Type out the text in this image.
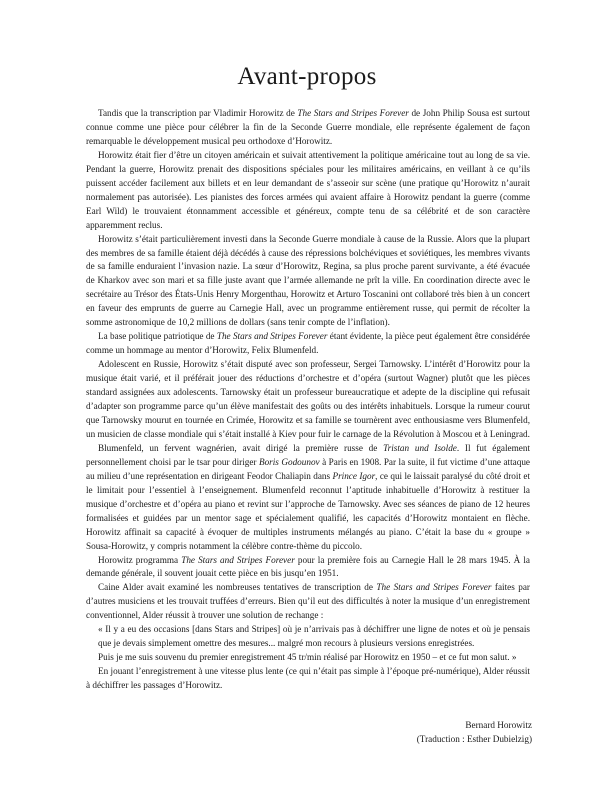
Avant-propos

Tandis que la transcription par Vladimir Horowitz de The Stars and Stripes Forever de John Philip Sousa est surtout connue comme une pièce pour célébrer la fin de la Seconde Guerre mondiale, elle représente également de façon remarquable le développement musical peu orthodoxe d’Horowitz.

Horowitz était fier d’être un citoyen américain et suivait attentivement la politique américaine tout au long de sa vie. Pendant la guerre, Horowitz prenait des dispositions spéciales pour les militaires américains, en veillant à ce qu’ils puissent accéder facilement aux billets et en leur demandant de s’asseoir sur scène (une pratique qu’Horowitz n’aurait normalement pas autorisée). Les pianistes des forces armées qui avaient affaire à Horowitz pendant la guerre (comme Earl Wild) le trouvaient étonnamment accessible et généreux, compte tenu de sa célébrité et de son caractère apparemment reclus.

Horowitz s’était particulièrement investi dans la Seconde Guerre mondiale à cause de la Russie. Alors que la plupart des membres de sa famille étaient déjà décédés à cause des répressions bolchéviques et soviétiques, les membres vivants de sa famille enduraient l’invasion nazie. La sœur d’Horowitz, Regina, sa plus proche parent survivante, a été évacuée de Kharkov avec son mari et sa fille juste avant que l’armée allemande ne prît la ville. En coordination directe avec le secrétaire au Trésor des États-Unis Henry Morgenthau, Horowitz et Arturo Toscanini ont collaboré très bien à un concert en faveur des emprunts de guerre au Carnegie Hall, avec un programme entièrement russe, qui permit de récolter la somme astronomique de 10,2 millions de dollars (sans tenir compte de l’inflation).

La base politique patriotique de The Stars and Stripes Forever étant évidente, la pièce peut également être considérée comme un hommage au mentor d’Horowitz, Felix Blumenfeld.

Adolescent en Russie, Horowitz s’était disputé avec son professeur, Sergei Tarnowsky. L’intérêt d’Horowitz pour la musique était varié, et il préférait jouer des réductions d’orchestre et d’opéra (surtout Wagner) plutôt que les pièces standard assignées aux adolescents. Tarnowsky était un professeur bureaucratique et adepte de la discipline qui refusait d’adapter son programme parce qu’un élève manifestait des goûts ou des intérêts inhabituels. Lorsque la rumeur courut que Tarnowsky mourut en tournée en Crimée, Horowitz et sa famille se tournèrent avec enthousiasme vers Blumenfeld, un musicien de classe mondiale qui s’était installé à Kiev pour fuir le carnage de la Révolution à Moscou et à Leningrad.

Blumenfeld, un fervent wagnérien, avait dirigé la première russe de Tristan und Isolde. Il fut également personnellement choisi par le tsar pour diriger Boris Godounov à Paris en 1908. Par la suite, il fut victime d’une attaque au milieu d’une représentation en dirigeant Feodor Chaliapin dans Prince Igor, ce qui le laissait paralysé du côté droit et le limitait pour l’essentiel à l’enseignement. Blumenfeld reconnut l’aptitude inhabituelle d’Horowitz à restituer la musique d’orchestre et d’opéra au piano et revint sur l’approche de Tarnowsky. Avec ses séances de piano de 12 heures formalisées et guidées par un mentor sage et spécialement qualifié, les capacités d’Horowitz montaient en flèche. Horowitz affinait sa capacité à évoquer de multiples instruments mélangés au piano. C’était la base du « groupe » Sousa-Horowitz, y compris notamment la célèbre contre-thème du piccolo.

Horowitz programma The Stars and Stripes Forever pour la première fois au Carnegie Hall le 28 mars 1945. À la demande générale, il souvent jouait cette pièce en bis jusqu’en 1951.

Caine Alder avait examiné les nombreuses tentatives de transcription de The Stars and Stripes Forever faites par d’autres musiciens et les trouvait truffées d’erreurs. Bien qu’il eut des difficultés à noter la musique d’un enregistrement conventionnel, Alder réussit à trouver une solution de rechange :

« Il y a eu des occasions [dans Stars and Stripes] où je n’arrivais pas à déchiffrer une ligne de notes et où je pensais que je devais simplement omettre des mesures... malgré mon recours à plusieurs versions enregistrées.

Puis je me suis souvenu du premier enregistrement 45 tr/min réalisé par Horowitz en 1950 – et ce fut mon salut. »

En jouant l’enregistrement à une vitesse plus lente (ce qui n’était pas simple à l’époque pré-numérique), Alder réussit à déchiffrer les passages d’Horowitz.

Bernard Horowitz
(Traduction : Esther Dubielzig)
